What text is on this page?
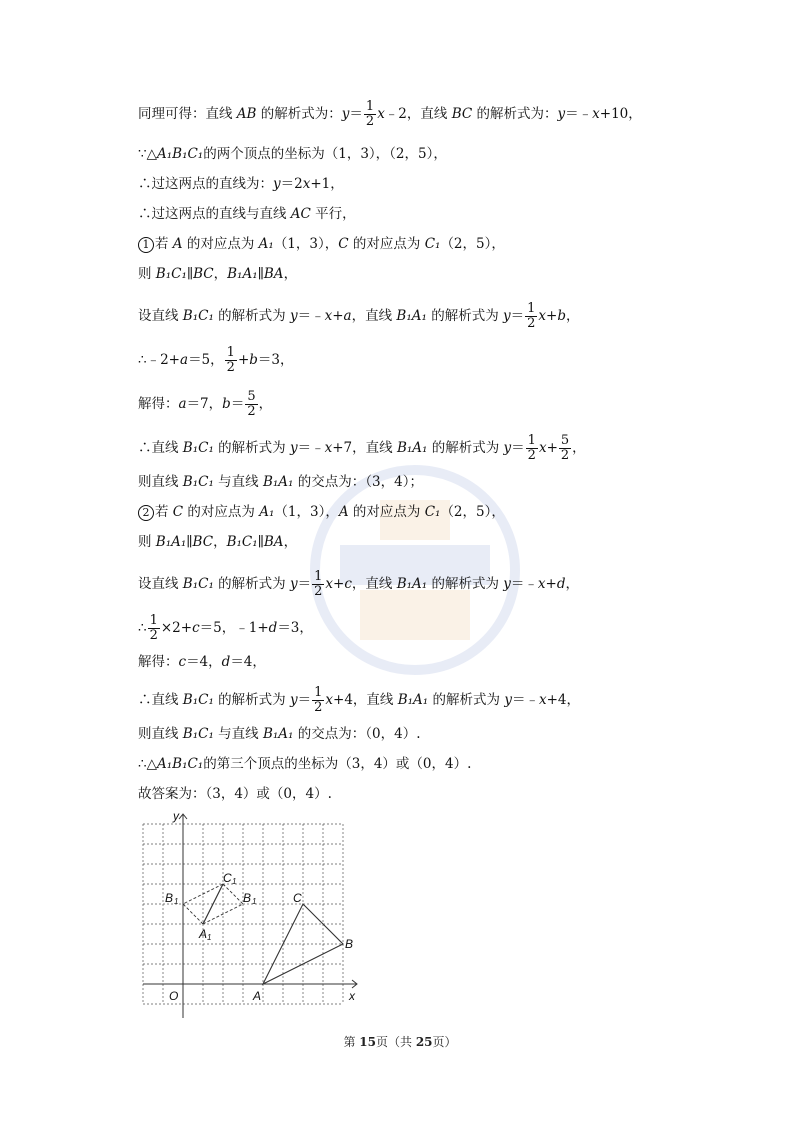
同理可得：直线 AB 的解析式为：$y= \frac{1}{2}$ x﹣2，直线 BC 的解析式为：y＝﹣x+10，
∵△A₁B₁C₁的两个顶点的坐标为（1，3），（2，5），
∴过这两点的直线为：y＝2x+1，
∴过这两点的直线与直线 AC 平行，
1 若 A 的对应点为 A₁（1，3），C 的对应点为 C₁（2，5），
则 B₁C₁∥BC，B₁A₁∥BA，
设直线 B₁C₁ 的解析式为 y＝﹣x+a，直线 B₁A₁ 的解析式为 $y= \frac{1}{2} x+b$，
∴﹣2+a＝5， $\frac{1}{2} +b=3$，
解得：a＝7，$b= \frac{5}{2}$ ，
∴直线 B₁C₁ 的解析式为 y＝﹣x+7，直线 B₁A₁ 的解析式为 $y= \frac{1}{2} x+ \frac{5}{2}$ ，
则直线 B₁C₁ 与直线 B₁A₁ 的交点为：（3，4）；
2 若 C 的对应点为 A₁（1，3），A 的对应点为 C₁（2，5），
则 B₁A₁∥BC，B₁C₁∥BA，
设直线 B₁C₁ 的解析式为 $y= \frac{1}{2} x+c$，直线 B₁A₁ 的解析式为 y＝﹣x+d，
∴ $\frac{1}{2} \times 2+c=5$，﹣1+d＝3，
解得：c＝4，d＝4，
∴直线 B₁C₁ 的解析式为 $y= \frac{1}{2} x+4$，直线 B₁A₁ 的解析式为 y＝﹣x+4，
则直线 B₁C₁ 与直线 B₁A₁ 的交点为：（0，4）.
∴△A₁B₁C₁的第三个顶点的坐标为（3，4）或（0，4）.
故答案为：（3，4）或（0，4）.
y
x
O	A
B
C
A 1
C 1
B 1	B 1
第 15页（共 25页）
